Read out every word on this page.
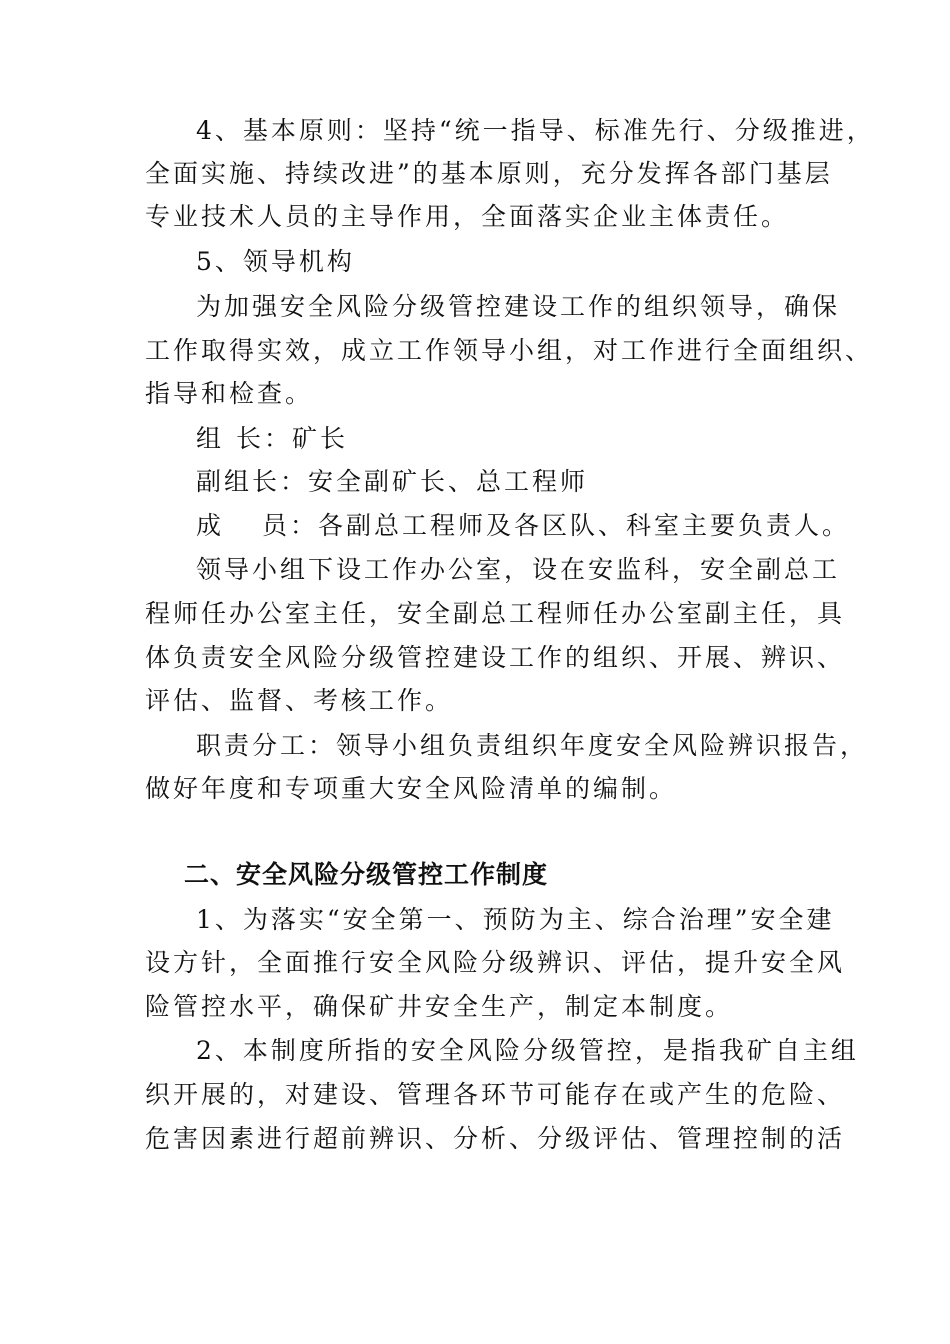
4、基本原则：坚持“统一指导、标准先行、分级推进，
全面实施、持续改进”的基本原则，充分发挥各部门基层
专业技术人员的主导作用，全面落实企业主体责任。
5、领导机构
为加强安全风险分级管控建设工作的组织领导，确保
工作取得实效，成立工作领导小组，对工作进行全面组织、
指导和检查。
组 长：矿长
副组长：安全副矿长、总工程师
成 员：各副总工程师及各区队、科室主要负责人。
领导小组下设工作办公室，设在安监科，安全副总工
程师任办公室主任，安全副总工程师任办公室副主任，具
体负责安全风险分级管控建设工作的组织、开展、辨识、
评估、监督、考核工作。
职责分工：领导小组负责组织年度安全风险辨识报告，
做好年度和专项重大安全风险清单的编制。
二、安全风险分级管控工作制度
1、为落实“安全第一、预防为主、综合治理”安全建
设方针，全面推行安全风险分级辨识、评估，提升安全风
险管控水平，确保矿井安全生产，制定本制度。
2、本制度所指的安全风险分级管控，是指我矿自主组
织开展的，对建设、管理各环节可能存在或产生的危险、
危害因素进行超前辨识、分析、分级评估、管理控制的活
